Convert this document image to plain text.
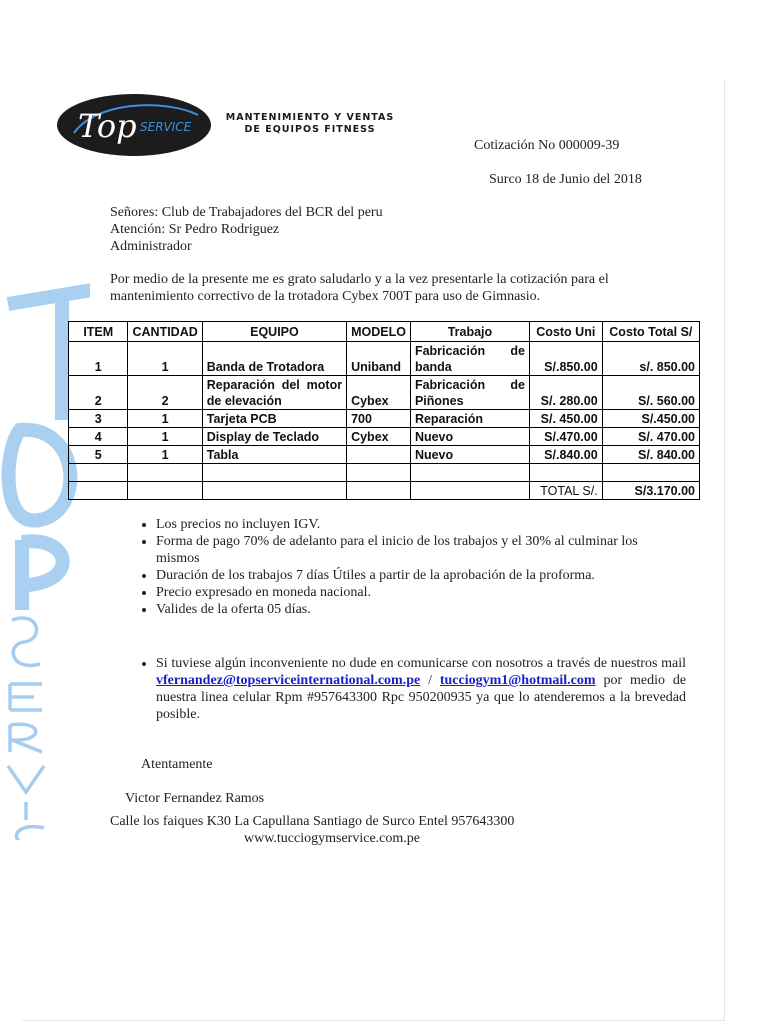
Top SERVICE
MANTENIMIENTO Y VENTAS
DE EQUIPOS FITNESS
Cotización No 000009-39
Surco 18 de Junio del 2018
Señores: Club de Trabajadores del BCR del peru
Atención: Sr Pedro Rodriguez
Administrador
Por medio de la presente me es grato saludarlo y a la vez presentarle la cotización para el mantenimiento correctivo de la trotadora Cybex 700T para uso de Gimnasio.
ITEM	CANTIDAD	EQUIPO	MODELO	Trabajo	Costo Uni	Costo Total S/
1	1	Banda de Trotadora	Uniband	Fabricación de banda	S/.850.00	s/. 850.00
2	2	Reparación del motor de elevación	Cybex	Fabricación de Piñones	S/. 280.00	S/. 560.00
3	1	Tarjeta PCB	700	Reparación	S/. 450.00	S/.450.00
4	1	Display de Teclado	Cybex	Nuevo	S/.470.00	S/. 470.00
5	1	Tabla		Nuevo	S/.840.00	S/. 840.00

					TOTAL S/.	S/3.170.00
• Los precios no incluyen IGV.
• Forma de pago 70% de adelanto para el inicio de los trabajos y el 30% al culminar los mismos
• Duración de los trabajos 7 días Útiles a partir de la aprobación de la proforma.
• Precio expresado en moneda nacional.
• Valides de la oferta 05 días.
• Si tuviese algún inconveniente no dude en comunicarse con nosotros a través de nuestros mail vfernandez@topserviceinternational.com.pe / tucciogym1@hotmail.com por medio de nuestra linea celular Rpm #957643300 Rpc 950200935 ya que lo atenderemos a la brevedad posible.
Atentamente
Victor Fernandez Ramos
Calle los faiques K30 La Capullana Santiago de Surco Entel 957643300
www.tucciogymservice.com.pe
